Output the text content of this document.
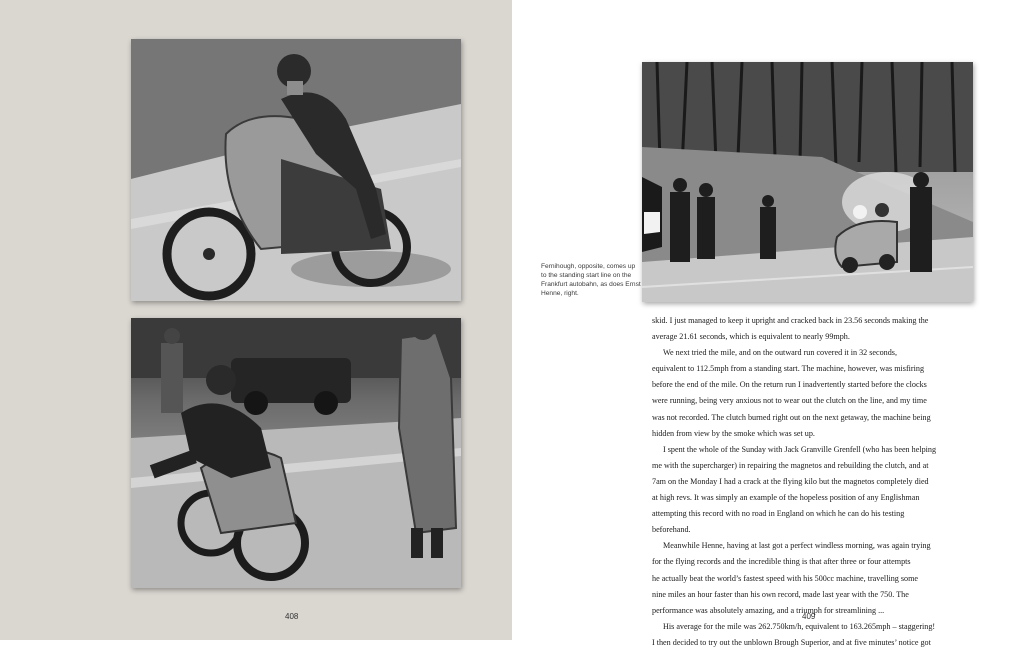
408
Fernihough, opposite, comes up to the standing start line on the Frankfurt autobahn, as does Ernst Henne, right.

skid. I just managed to keep it upright and cracked back in 23.56 seconds making the

average 21.61 seconds, which is equivalent to nearly 99mph.

We next tried the mile, and on the outward run covered it in 32 seconds,

equivalent to 112.5mph from a standing start. The machine, however, was misfiring

before the end of the mile. On the return run I inadvertently started before the clocks

were running, being very anxious not to wear out the clutch on the line, and my time

was not recorded. The clutch burned right out on the next getaway, the machine being

hidden from view by the smoke which was set up.

I spent the whole of the Sunday with Jack Granville Grenfell (who has been helping

me with the supercharger) in repairing the magnetos and rebuilding the clutch, and at

7am on the Monday I had a crack at the flying kilo but the magnetos completely died

at high revs. It was simply an example of the hopeless position of any Englishman

attempting this record with no road in England on which he can do his testing

beforehand.

Meanwhile Henne, having at last got a perfect windless morning, was again trying

for the flying records and the incredible thing is that after three or four attempts

he actually beat the world’s fastest speed with his 500cc machine, travelling some

nine miles an hour faster than his own record, made last year with the 750. The

performance was absolutely amazing, and a triumph for streamlining ...

His average for the mile was 262.750km/h, equivalent to 163.265mph – staggering!

I then decided to try out the unblown Brough Superior, and at five minutes’ notice got

409
